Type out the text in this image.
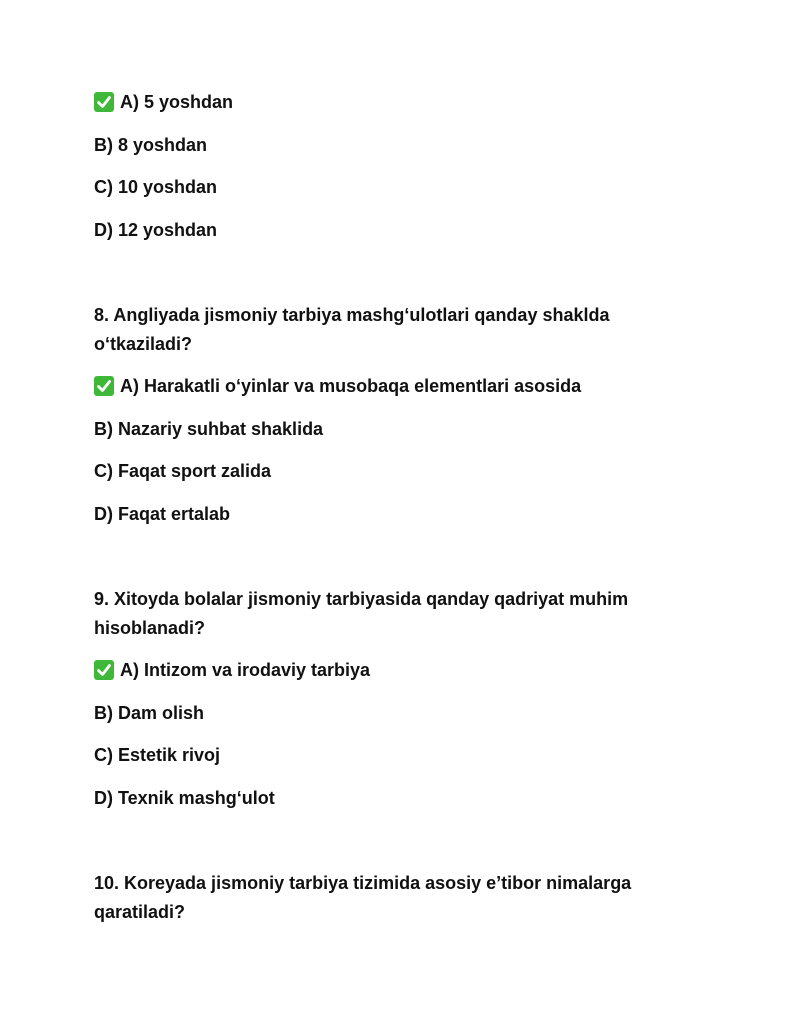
A) 5 yoshdan
B) 8 yoshdan
C) 10 yoshdan
D) 12 yoshdan
8. Angliyada jismoniy tarbiya mashg‘ulotlari qanday shaklda
o‘tkaziladi?
A) Harakatli o‘yinlar va musobaqa elementlari asosida
B) Nazariy suhbat shaklida
C) Faqat sport zalida
D) Faqat ertalab
9. Xitoyda bolalar jismoniy tarbiyasida qanday qadriyat muhim
hisoblanadi?
A) Intizom va irodaviy tarbiya
B) Dam olish
C) Estetik rivoj
D) Texnik mashg‘ulot
10. Koreyada jismoniy tarbiya tizimida asosiy e’tibor nimalarga
qaratiladi?
